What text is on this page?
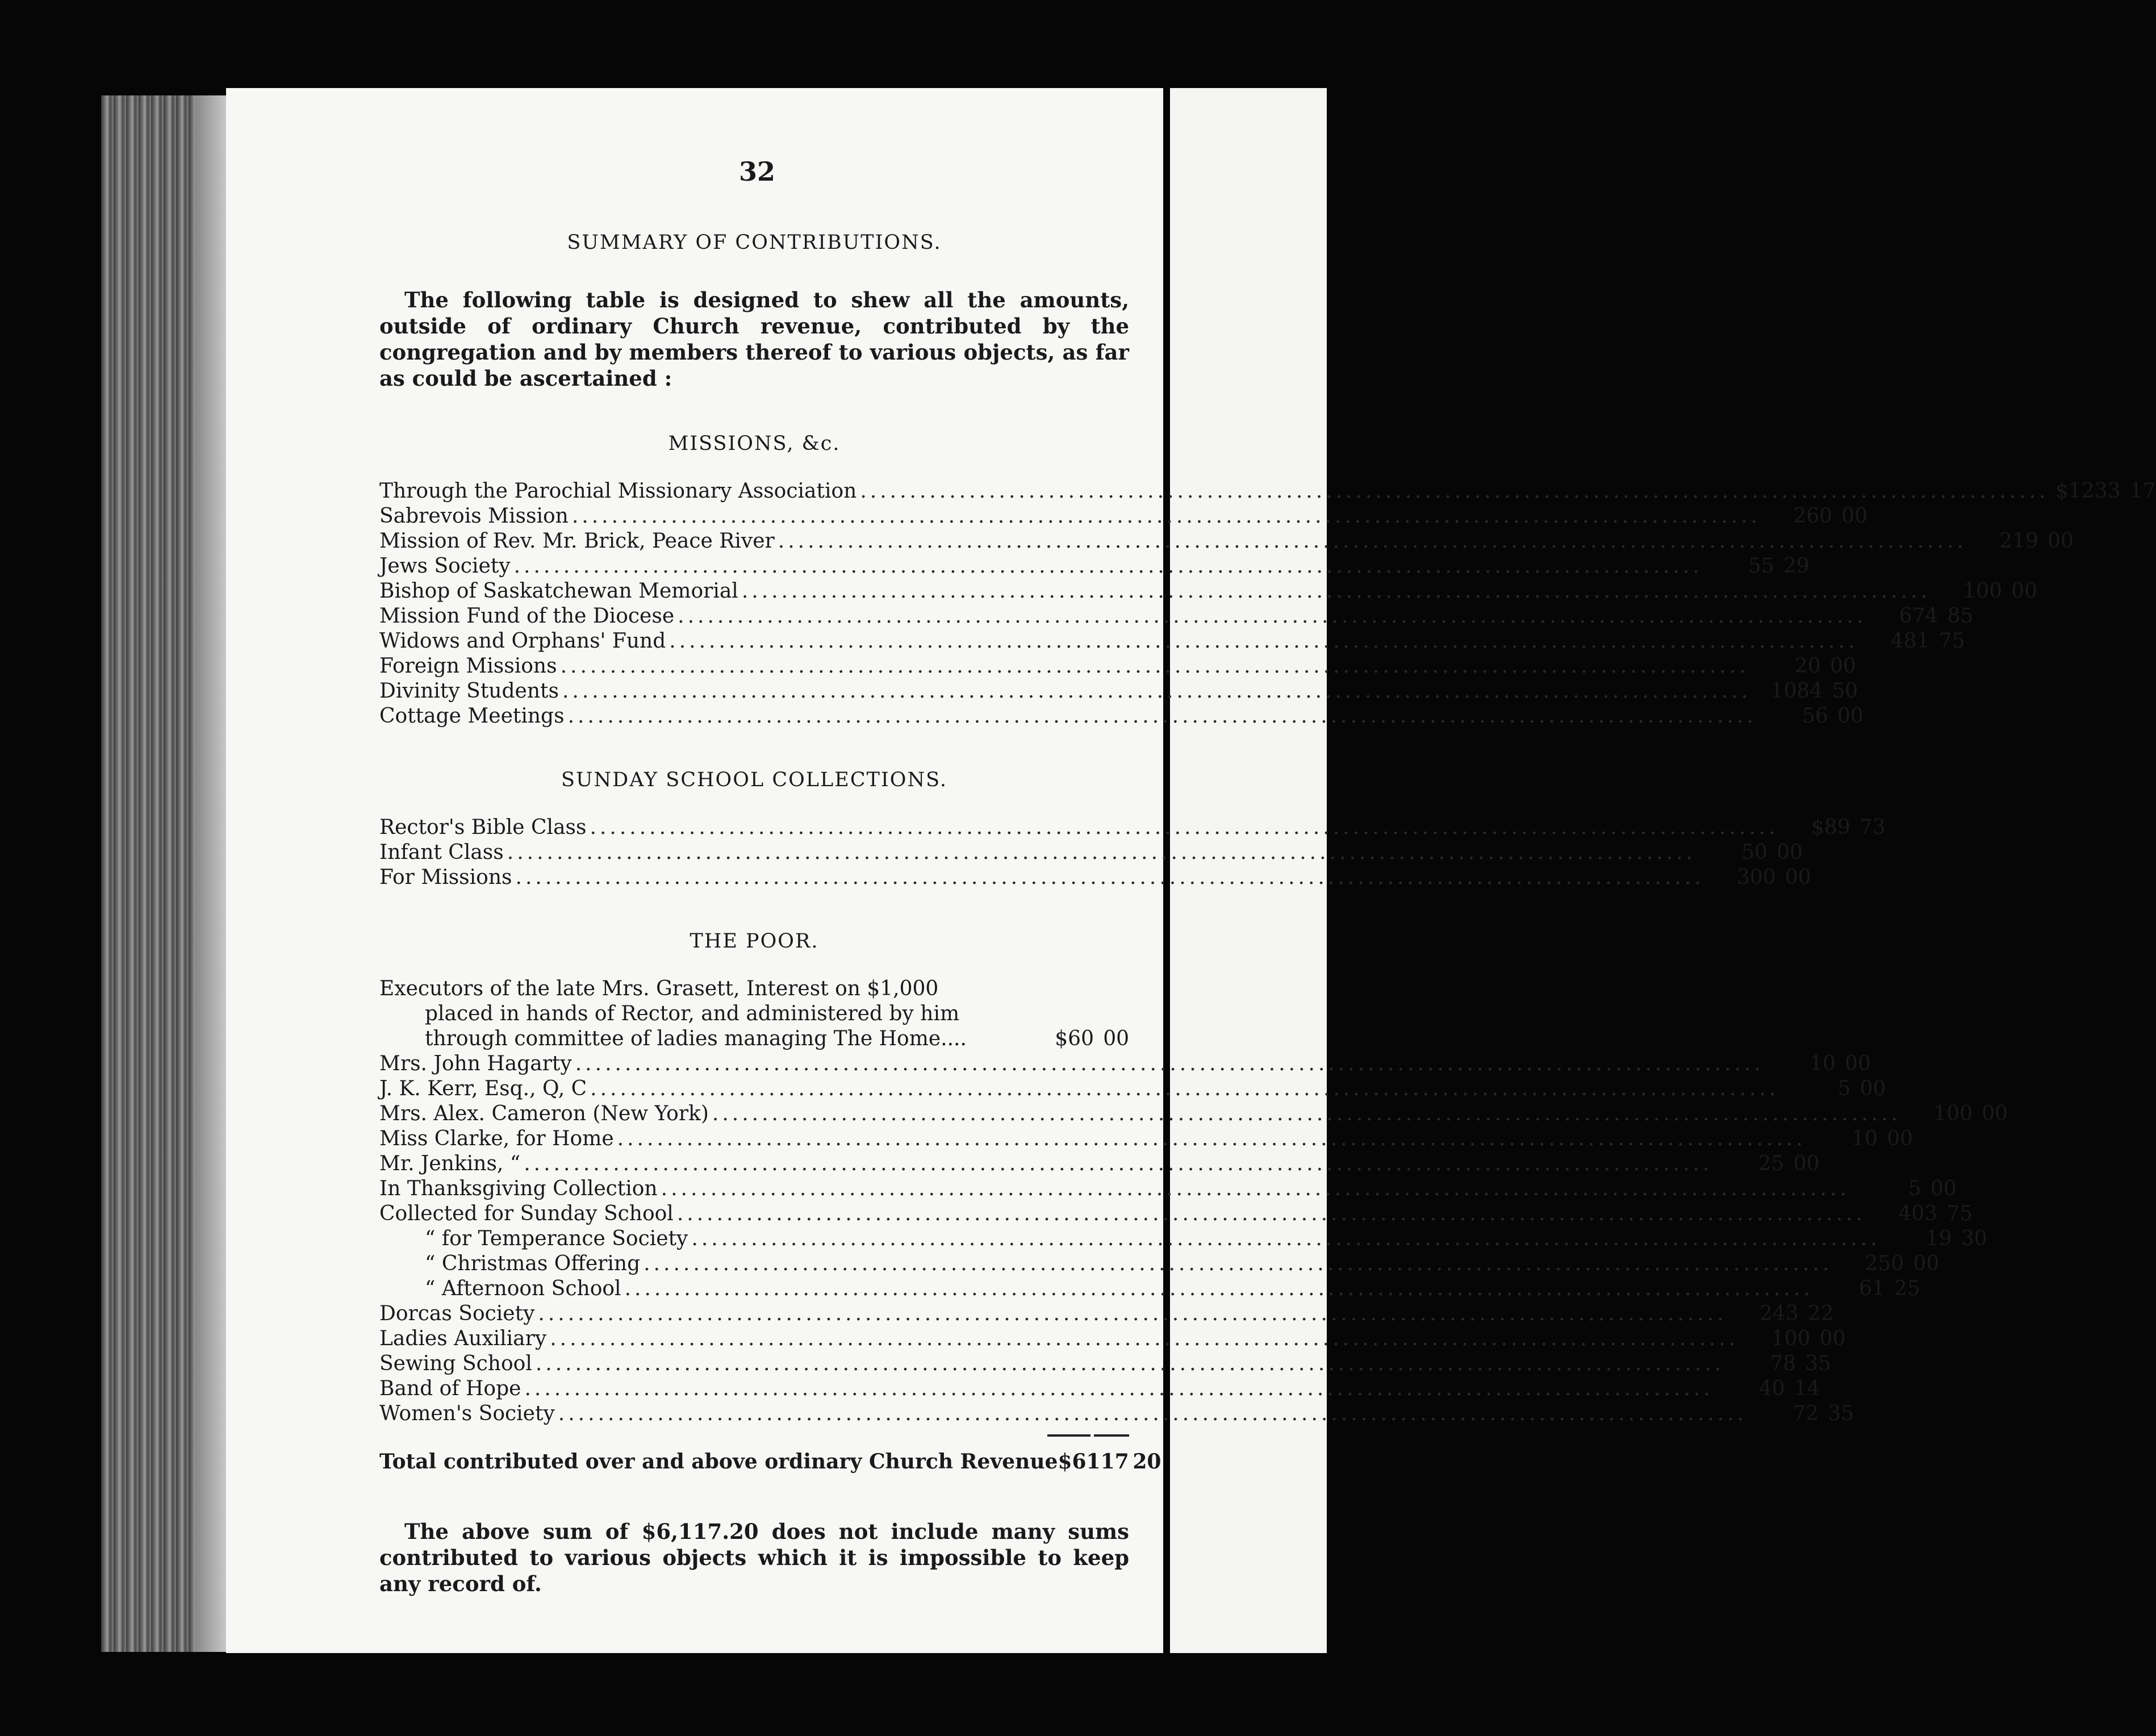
32
SUMMARY OF CONTRIBUTIONS.

The following table is designed to shew all the amounts, outside of ordinary Church revenue, contributed by the congregation and by members thereof to various objects, as far as could be ascertained :

MISSIONS, &c.
Through the Parochial Missionary Association ........................................................................................................................ $1233 17
Sabrevois Mission ........................................................................................................................	260 00
Mission of Rev. Mr. Brick, Peace River ........................................................................................................................	219 00
Jews Society ........................................................................................................................	55 29
Bishop of Saskatchewan Memorial ........................................................................................................................	100 00
Mission Fund of the Diocese ........................................................................................................................	674 85
Widows and Orphans' Fund ........................................................................................................................	481 75
Foreign Missions ........................................................................................................................	20 00
Divinity Students ........................................................................................................................ 1084 50
Cottage Meetings ........................................................................................................................	56 00
SUNDAY SCHOOL COLLECTIONS.
Rector's Bible Class ........................................................................................................................	$89 73
Infant Class ........................................................................................................................	50 00
For Missions ........................................................................................................................	300 00
THE POOR.
Executors of the late Mrs. Grasett, Interest on $1,000
placed in hands of Rector, and administered by him
through committee of ladies managing The Home....	$60 00
Mrs. John Hagarty ........................................................................................................................	10 00
J. K. Kerr, Esq., Q, C ........................................................................................................................	5 00
Mrs. Alex. Cameron (New York) ........................................................................................................................	100 00
Miss Clarke, for Home ........................................................................................................................	10 00
Mr. Jenkins, “ ........................................................................................................................	25 00
In Thanksgiving Collection ........................................................................................................................	5 00
Collected for Sunday School ........................................................................................................................	403 75
“ for Temperance Society ........................................................................................................................	19 30
“ Christmas Offering ........................................................................................................................	250 00
“ Afternoon School ........................................................................................................................	61 25
Dorcas Society ........................................................................................................................	243 22
Ladies Auxiliary ........................................................................................................................	100 00
Sewing School ........................................................................................................................	78 35
Band of Hope ........................................................................................................................	40 14
Women's Society ........................................................................................................................	72 35
Total contributed over and above ordinary Church Revenue $6117 20

The above sum of $6,117.20 does not include many sums contributed to various objects which it is impossible to keep any record of.
